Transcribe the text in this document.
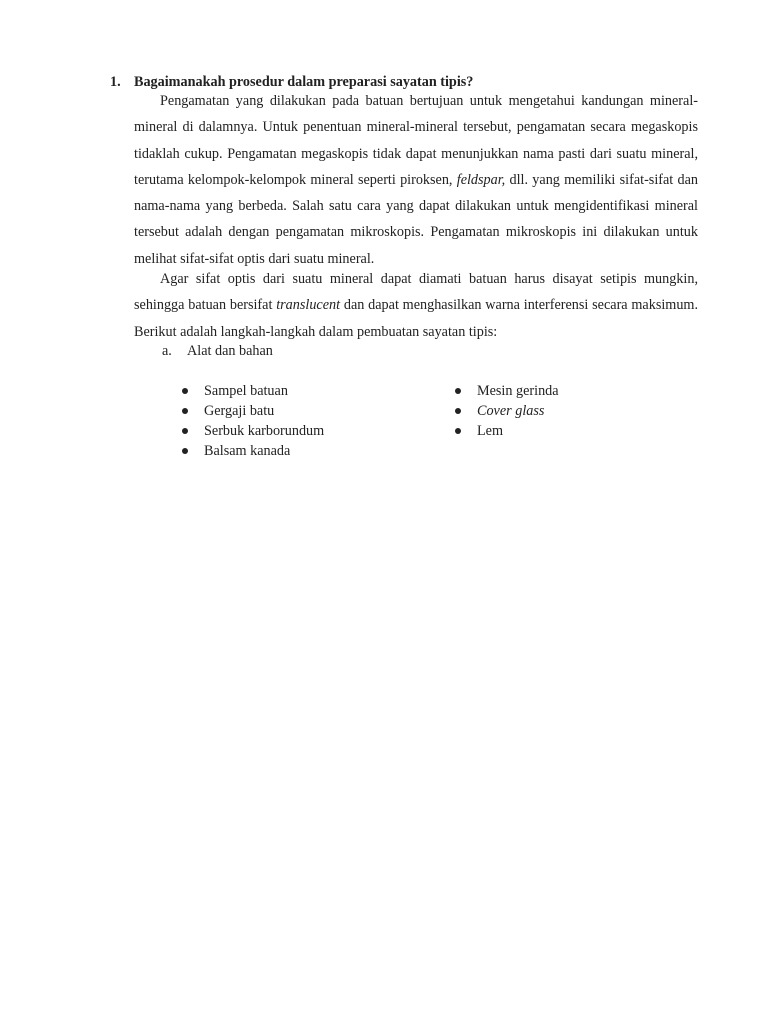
1. Bagaimanakah prosedur dalam preparasi sayatan tipis?

Pengamatan yang dilakukan pada batuan bertujuan untuk mengetahui kandungan mineral-mineral di dalamnya. Untuk penentuan mineral-mineral tersebut, pengamatan secara megaskopis tidaklah cukup. Pengamatan megaskopis tidak dapat menunjukkan nama pasti dari suatu mineral, terutama kelompok-kelompok mineral seperti piroksen, feldspar, dll. yang memiliki sifat-sifat dan nama-nama yang berbeda. Salah satu cara yang dapat dilakukan untuk mengidentifikasi mineral tersebut adalah dengan pengamatan mikroskopis. Pengamatan mikroskopis ini dilakukan untuk melihat sifat-sifat optis dari suatu mineral.

Agar sifat optis dari suatu mineral dapat diamati batuan harus disayat setipis mungkin, sehingga batuan bersifat translucent dan dapat menghasilkan warna interferensi secara maksimum. Berikut adalah langkah-langkah dalam pembuatan sayatan tipis:

a. Alat dan bahan
Sampel batuan
Gergaji batu
Serbuk karborundum
Balsam kanada
Mesin gerinda
Cover glass
Lem
